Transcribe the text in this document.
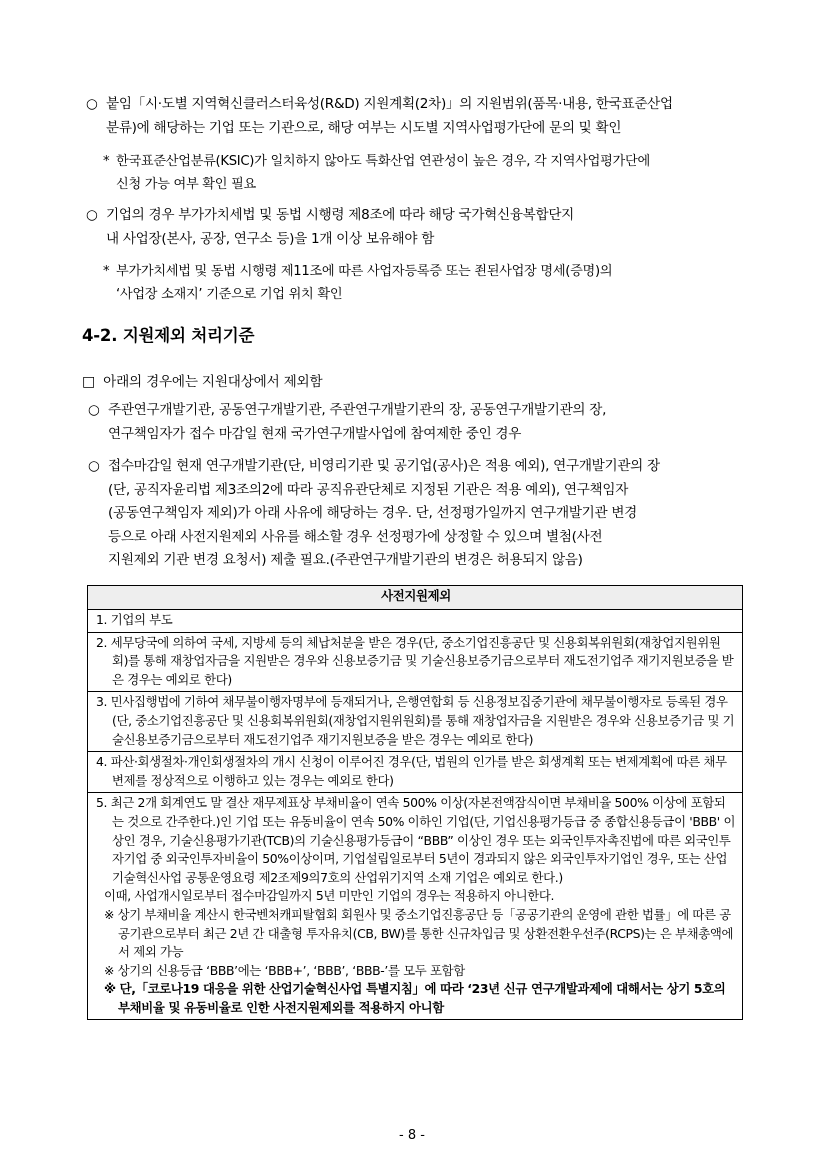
○ 붙임「시·도별 지역혁신클러스터육성(R&D) 지원계획(2차)」의 지원범위(품목·내용, 한국표준산업
분류)에 해당하는 기업 또는 기관으로, 해당 여부는 시도별 지역사업평가단에 문의 및 확인
* 한국표준산업분류(KSIC)가 일치하지 않아도 특화산업 연관성이 높은 경우, 각 지역사업평가단에
신청 가능 여부 확인 필요
○ 기업의 경우 부가가치세법 및 동법 시행령 제8조에 따라 해당 국가혁신융복합단지
내 사업장(본사, 공장, 연구소 등)을 1개 이상 보유해야 함
* 부가가치세법 및 동법 시행령 제11조에 따른 사업자등록증 또는 죈된사업장 명세(증명)의
‘사업장 소재지’ 기준으로 기업 위치 확인
4-2. 지원제외 처리기준
□ 아래의 경우에는 지원대상에서 제외함
○ 주관연구개발기관, 공동연구개발기관, 주관연구개발기관의 장, 공동연구개발기관의 장,
연구책임자가 접수 마감일 현재 국가연구개발사업에 참여제한 중인 경우
○ 접수마감일 현재 연구개발기관(단, 비영리기관 및 공기업(공사)은 적용 예외), 연구개발기관의 장
(단, 공직자윤리법 제3조의2에 따라 공직유관단체로 지정된 기관은 적용 예외), 연구책임자
(공동연구책임자 제외)가 아래 사유에 해당하는 경우. 단, 선정평가일까지 연구개발기관 변경
등으로 아래 사전지원제외 사유를 해소할 경우 선정평가에 상정할 수 있으며 별첨(사전
지원제외 기관 변경 요청서) 제출 필요.(주관연구개발기관의 변경은 허용되지 않음)
사전지원제외
1. 기업의 부도
2. 세무당국에 의하여 국세, 지방세 등의 체납처분을 받은 경우(단, 중소기업진흥공단 및 신용회복위원회(재창업지원위원회)를 통해 재창업자금을 지원받은 경우와 신용보증기금 및 기술신용보증기금으로부터 재도전기업주 재기지원보증을 받은 경우는 예외로 한다)
3. 민사집행법에 기하여 채무불이행자명부에 등재되거나, 은행연합회 등 신용정보집중기관에 채무불이행자로 등록된 경우(단, 중소기업진흥공단 및 신용회복위원회(재창업지원위원회)를 통해 재창업자금을 지원받은 경우와 신용보증기금 및 기술신용보증기금으로부터 재도전기업주 재기지원보증을 받은 경우는 예외로 한다)
4. 파산·회생절차·개인회생절차의 개시 신청이 이루어진 경우(단, 법원의 인가를 받은 회생계획 또는 변제계획에 따른 채무변제를 정상적으로 이행하고 있는 경우는 예외로 한다)

5. 최근 2개 회계연도 말 결산 재무제표상 부채비율이 연속 500% 이상(자본전액잠식이면 부채비율 500% 이상에 포함되는 것으로 간주한다.)인 기업 또는 유동비율이 연속 50% 이하인 기업(단, 기업신용평가등급 중 종합신용등급이 'BBB' 이상인 경우, 기술신용평가기관(TCB)의 기술신용평가등급이 “BBB” 이상인 경우 또는 외국인투자촉진법에 따른 외국인투자기업 중 외국인투자비율이 50%이상이며, 기업설립일로부터 5년이 경과되지 않은 외국인투자기업인 경우, 또는 산업기술혁신사업 공통운영요령 제2조제9의7호의 산업위기지역 소재 기업은 예외로 한다.)
이때, 사업개시일로부터 접수마감일까지 5년 미만인 기업의 경우는 적용하지 아니한다.
※ 상기 부채비율 계산시 한국벤처캐피탈협회 회원사 및 중소기업진흥공단 등「공공기관의 운영에 관한 법률」에 따른 공공기관으로부터 최근 2년 간 대출형 투자유치(CB, BW)를 통한 신규차입금 및 상환전환우선주(RCPS)는 은 부채총액에서 제외 가능
※ 상기의 신용등급 ‘BBB’에는 ‘BBB+’, ‘BBB’, ‘BBB-’를 모두 포함함
※ 단,「코로나19 대응을 위한 산업기술혁신사업 특별지침」에 따라 ‘23년 신규 연구개발과제에 대해서는 상기 5호의 부채비율 및 유동비율로 인한 사전지원제외를 적용하지 아니함
- 8 -
